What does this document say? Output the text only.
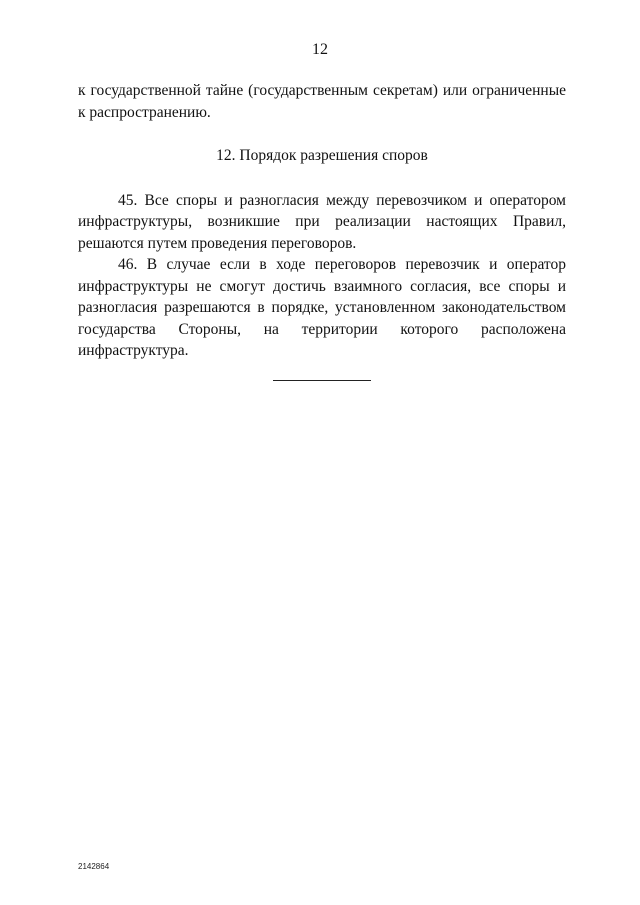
12

к государственной тайне (государственным секретам) или ограниченные к распространению.

12. Порядок разрешения споров

45. Все споры и разногласия между перевозчиком и оператором инфраструктуры, возникшие при реализации настоящих Правил, решаются путем проведения переговоров.

46. В случае если в ходе переговоров перевозчик и оператор инфраструктуры не смогут достичь взаимного согласия, все споры и разногласия разрешаются в порядке, установленном законодательством государства Стороны, на территории которого расположена инфраструктура.

2142864
